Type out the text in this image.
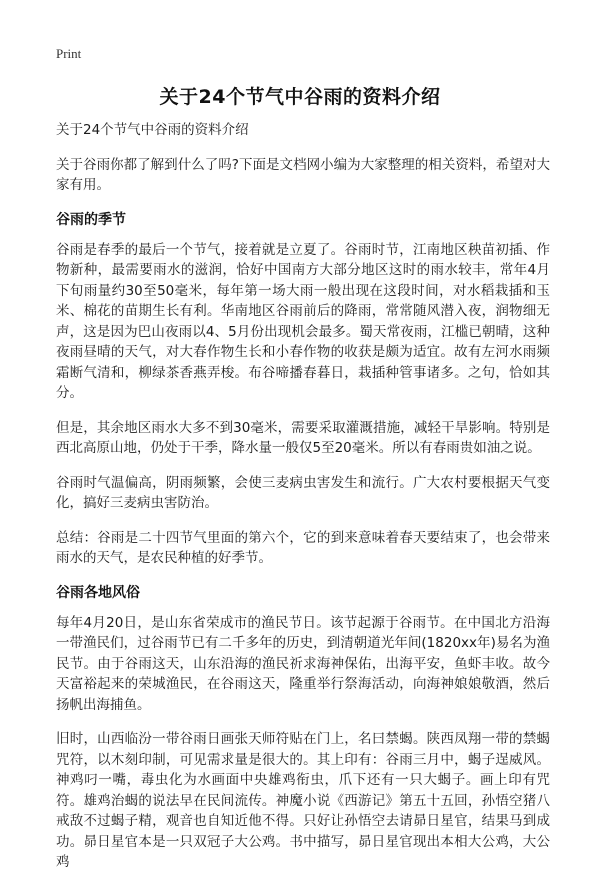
Print
关于24个节气中谷雨的资料介绍

关于24个节气中谷雨的资料介绍

关于谷雨你都了解到什么了吗?下面是文档网小编为大家整理的相关资料，希望对大家有用。

谷雨的季节

谷雨是春季的最后一个节气，接着就是立夏了。谷雨时节，江南地区秧苗初插、作物新种，最需要雨水的滋润，恰好中国南方大部分地区这时的雨水较丰，常年4月下旬雨量约30至50毫米，每年第一场大雨一般出现在这段时间，对水稻栽插和玉米、棉花的苗期生长有利。华南地区谷雨前后的降雨，常常随风潜入夜，润物细无声，这是因为巴山夜雨以4、5月份出现机会最多。蜀天常夜雨，江槛已朝晴，这种夜雨昼晴的天气，对大春作物生长和小春作物的收获是颇为适宜。故有左河水雨频霜断气清和，柳绿茶香燕弄梭。布谷啼播春暮日，栽插种管事诸多。之句，恰如其分。

但是，其余地区雨水大多不到30毫米，需要采取灌溉措施，减轻干旱影响。特别是西北高原山地，仍处于干季，降水量一般仅5至20毫米。所以有春雨贵如油之说。

谷雨时气温偏高，阴雨频繁，会使三麦病虫害发生和流行。广大农村要根据天气变化，搞好三麦病虫害防治。

总结：谷雨是二十四节气里面的第六个，它的到来意味着春天要结束了，也会带来雨水的天气，是农民种植的好季节。

谷雨各地风俗

每年4月20日，是山东省荣成市的渔民节日。该节起源于谷雨节。在中国北方沿海一带渔民们，过谷雨节已有二千多年的历史，到清朝道光年间(1820xx年)易名为渔民节。由于谷雨这天，山东沿海的渔民祈求海神保佑，出海平安，鱼虾丰收。故今天富裕起来的荣城渔民，在谷雨这天，隆重举行祭海活动，向海神娘娘敬酒，然后扬帆出海捕鱼。

旧时，山西临汾一带谷雨日画张天师符贴在门上，名曰禁蝎。陕西凤翔一带的禁蝎咒符，以木刻印制，可见需求量是很大的。其上印有：谷雨三月中，蝎子逞威风。神鸡叼一嘴，毒虫化为水画面中央雄鸡衔虫，爪下还有一只大蝎子。画上印有咒符。雄鸡治蝎的说法早在民间流传。神魔小说《西游记》第五十五回，孙悟空猪八戒敌不过蝎子精，观音也自知近他不得。只好让孙悟空去请昴日星官，结果马到成功。昴日星官本是一只双冠子大公鸡。书中描写，昴日星官现出本相大公鸡，大公鸡
